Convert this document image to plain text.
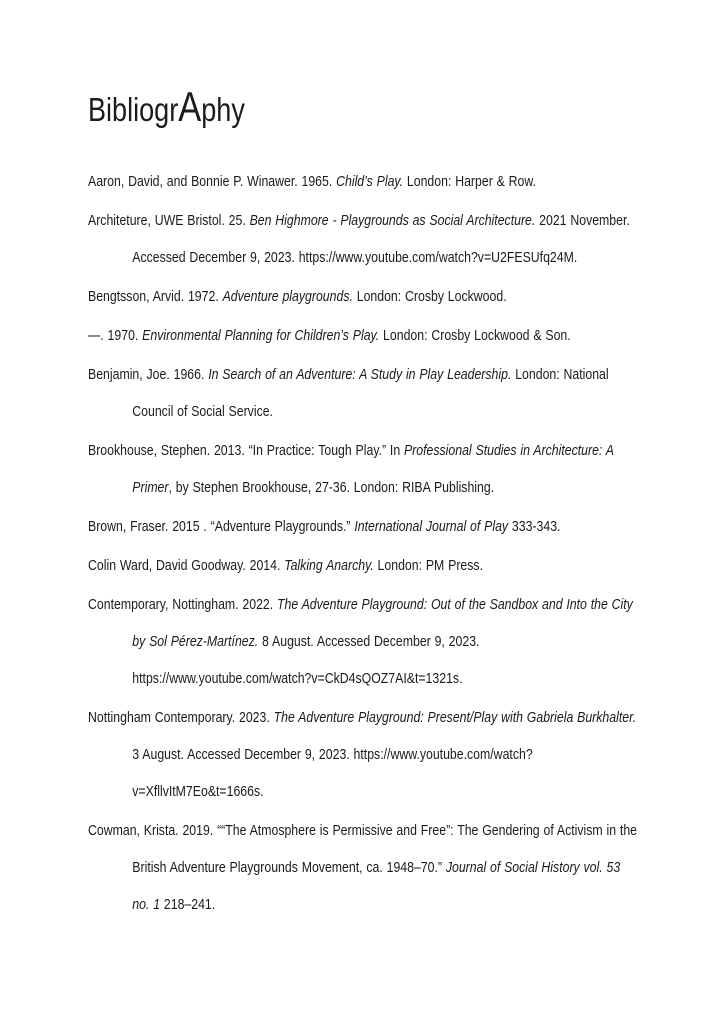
BibliogrAphy

Aaron, David, and Bonnie P. Winawer. 1965. Child’s Play. London: Harper & Row.

Architeture, UWE Bristol. 25. Ben Highmore - Playgrounds as Social Architecture. 2021 November. Accessed December 9, 2023. https://www.youtube.com/watch?v=U2FESUfq24M.

Bengtsson, Arvid. 1972. Adventure playgrounds. London: Crosby Lockwood.

—. 1970. Environmental Planning for Children’s Play. London: Crosby Lockwood & Son.

Benjamin, Joe. 1966. In Search of an Adventure: A Study in Play Leadership. London: National Council of Social Service.

Brookhouse, Stephen. 2013. “In Practice: Tough Play.” In Professional Studies in Architecture: A Primer, by Stephen Brookhouse, 27-36. London: RIBA Publishing.

Brown, Fraser. 2015 . “Adventure Playgrounds.” International Journal of Play 333-343.

Colin Ward, David Goodway. 2014. Talking Anarchy. London: PM Press.

Contemporary, Nottingham. 2022. The Adventure Playground: Out of the Sandbox and Into the City by Sol Pérez-Martínez. 8 August. Accessed December 9, 2023. https://www.youtube.com/watch?v=CkD4sQOZ7AI&t=1321s.

Nottingham Contemporary. 2023. The Adventure Playground: Present/Play with Gabriela Burkhalter. 3 August. Accessed December 9, 2023. https://www.youtube.com/watch?v=XfllvItM7Eo&t=1666s.

Cowman, Krista. 2019. ““The Atmosphere is Permissive and Free”: The Gendering of Activism in the British Adventure Playgrounds Movement, ca. 1948–70.” Journal of Social History vol. 53 no. 1 218–241.
